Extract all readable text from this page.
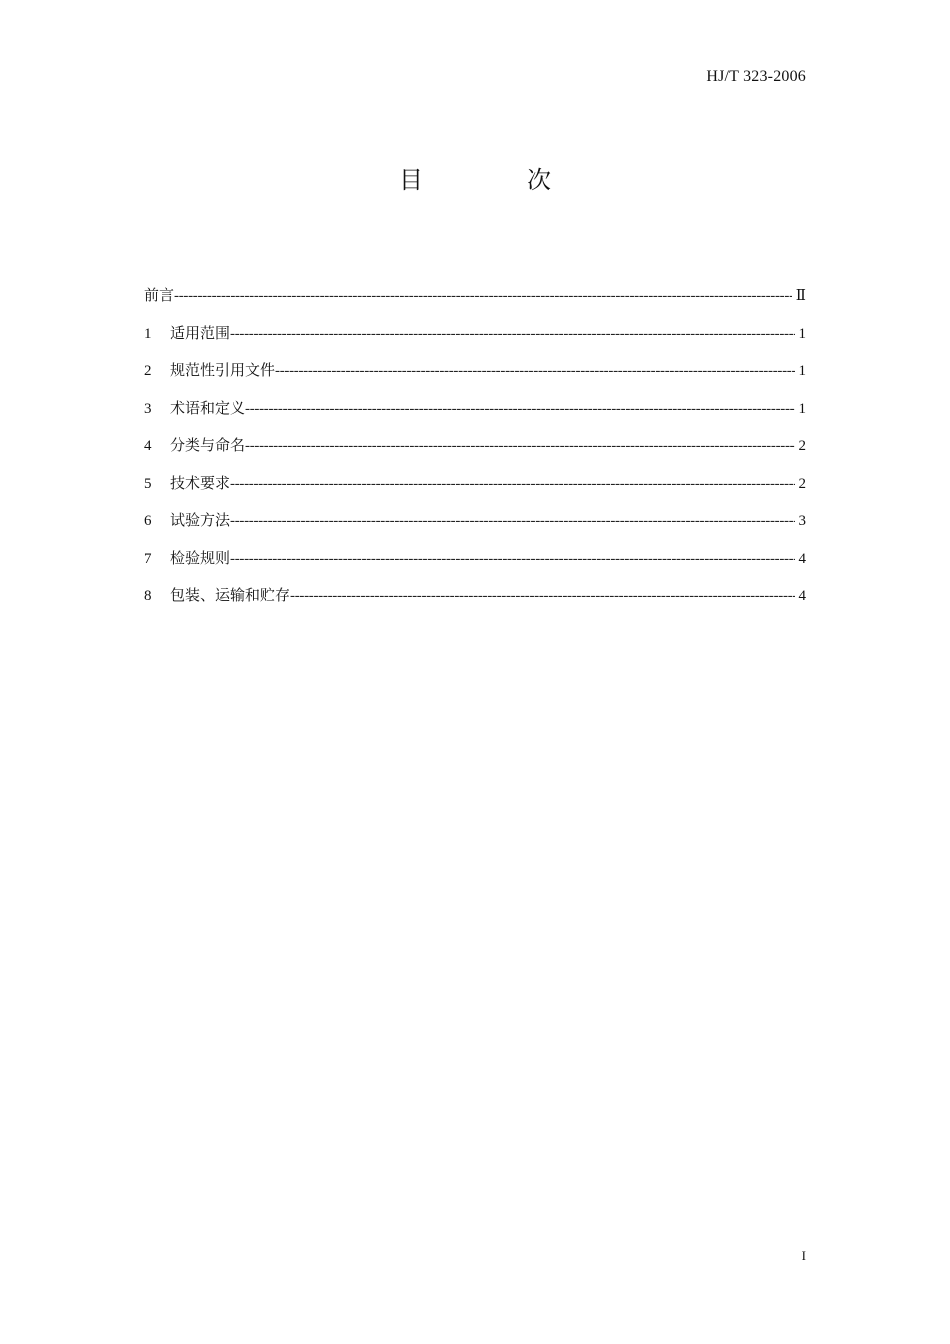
HJ/T 323-2006
目　次
前言 -----	Ⅱ
1	适用范围 -----	1
2	规范性引用文件 -----	1
3	术语和定义 -----	1
4	分类与命名 -----	2
5	技术要求 -----	2
6	试验方法 -----	3
7	检验规则 -----	4
8	包装、运输和贮存 -----	4
I
